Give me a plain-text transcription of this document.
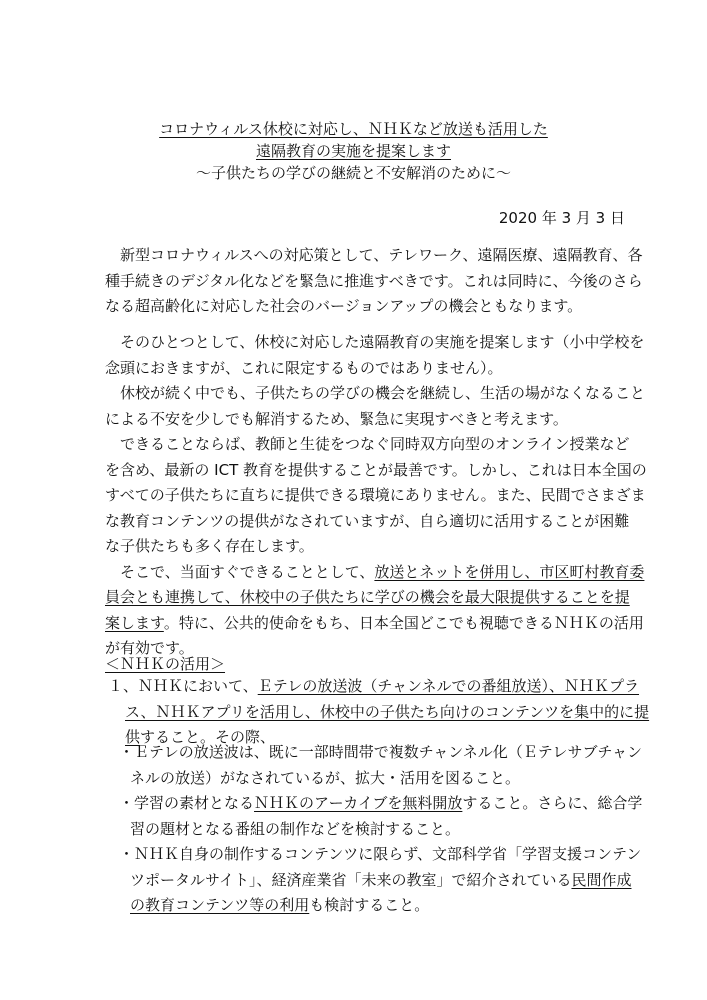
コロナウィルス休校に対応し、ＮＨＫなど放送も活用した
遠隔教育の実施を提案します
～子供たちの学びの継続と不安解消のために～
2020 年 3 月 3 日
　新型コロナウィルスへの対応策として、テレワーク、遠隔医療、遠隔教育、各
種手続きのデジタル化などを緊急に推進すべきです。これは同時に、今後のさら
なる超高齢化に対応した社会のバージョンアップの機会ともなります。
　そのひとつとして、休校に対応した遠隔教育の実施を提案します（小中学校を
念頭におきますが、これに限定するものではありません）。
　休校が続く中でも、子供たちの学びの機会を継続し、生活の場がなくなること
による不安を少しでも解消するため、緊急に実現すべきと考えます。
　できることならば、教師と生徒をつなぐ同時双方向型のオンライン授業など
を含め、最新の ICT 教育を提供することが最善です。しかし、これは日本全国の
すべての子供たちに直ちに提供できる環境にありません。また、民間でさまざま
な教育コンテンツの提供がなされていますが、自ら適切に活用することが困難
な子供たちも多く存在します。
　そこで、当面すぐできることとして、放送とネットを併用し、市区町村教育委
員会とも連携して、休校中の子供たちに学びの機会を最大限提供することを提
案します。特に、公共的使命をもち、日本全国どこでも視聴できるＮＨＫの活用
が有効です。
＜ＮＨＫの活用＞
１、ＮＨＫにおいて、Ｅテレの放送波（チャンネルでの番組放送）、ＮＨＫプラ
ス、ＮＨＫアプリを活用し、休校中の子供たち向けのコンテンツを集中的に提
供すること。その際、
・Ｅテレの放送波は、既に一部時間帯で複数チャンネル化（Ｅテレサブチャン
ネルの放送）がなされているが、拡大・活用を図ること。
・学習の素材となるＮＨＫのアーカイブを無料開放すること。さらに、総合学
習の題材となる番組の制作などを検討すること。
・ＮＨＫ自身の制作するコンテンツに限らず、文部科学省「学習支援コンテン
ツポータルサイト」、経済産業省「未来の教室」で紹介されている民間作成
の教育コンテンツ等の利用も検討すること。
